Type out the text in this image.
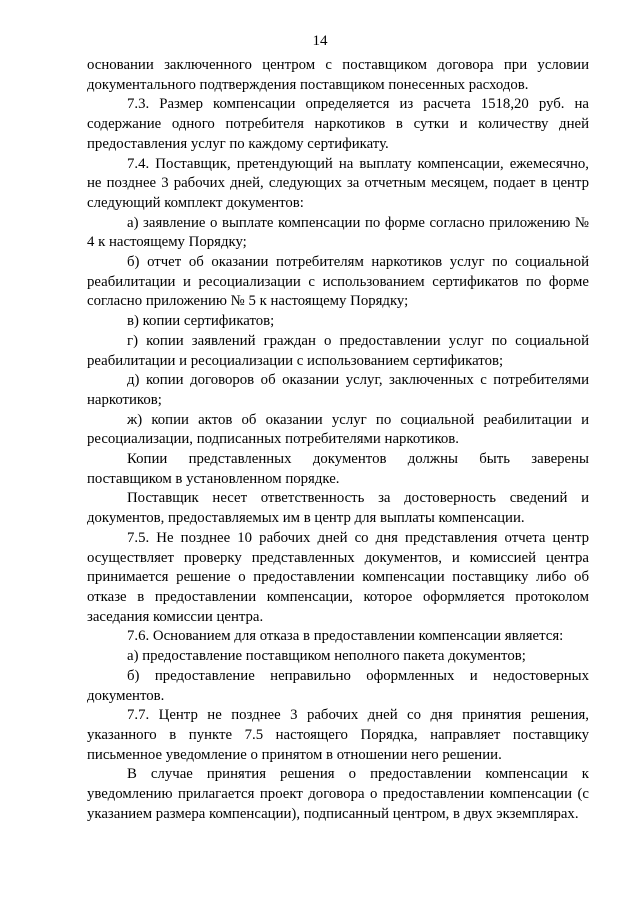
14

основании заключенного центром с поставщиком договора при условии документального подтверждения поставщиком понесенных расходов.

7.3. Размер компенсации определяется из расчета 1518,20 руб. на содержание одного потребителя наркотиков в сутки и количеству дней предоставления услуг по каждому сертификату.

7.4. Поставщик, претендующий на выплату компенсации, ежемесячно, не позднее 3 рабочих дней, следующих за отчетным месяцем, подает в центр следующий комплект документов:

а) заявление о выплате компенсации по форме согласно приложению № 4 к настоящему Порядку;

б) отчет об оказании потребителям наркотиков услуг по социальной реабилитации и ресоциализации с использованием сертификатов по форме согласно приложению № 5 к настоящему Порядку;

в) копии сертификатов;

г) копии заявлений граждан о предоставлении услуг по социальной реабилитации и ресоциализации с использованием сертификатов;

д) копии договоров об оказании услуг, заключенных с потребителями наркотиков;

ж) копии актов об оказании услуг по социальной реабилитации и ресоциализации, подписанных потребителями наркотиков.

Копии представленных документов должны быть заверены поставщиком в установленном порядке.

Поставщик несет ответственность за достоверность сведений и документов, предоставляемых им в центр для выплаты компенсации.

7.5. Не позднее 10 рабочих дней со дня представления отчета центр осуществляет проверку представленных документов, и комиссией центра принимается решение о предоставлении компенсации поставщику либо об отказе в предоставлении компенсации, которое оформляется протоколом заседания комиссии центра.

7.6. Основанием для отказа в предоставлении компенсации является:

а) предоставление поставщиком неполного пакета документов;

б) предоставление неправильно оформленных и недостоверных документов.

7.7. Центр не позднее 3 рабочих дней со дня принятия решения, указанного в пункте 7.5 настоящего Порядка, направляет поставщику письменное уведомление о принятом в отношении него решении.

В случае принятия решения о предоставлении компенсации к уведомлению прилагается проект договора о предоставлении компенсации (с указанием размера компенсации), подписанный центром, в двух экземплярах.
